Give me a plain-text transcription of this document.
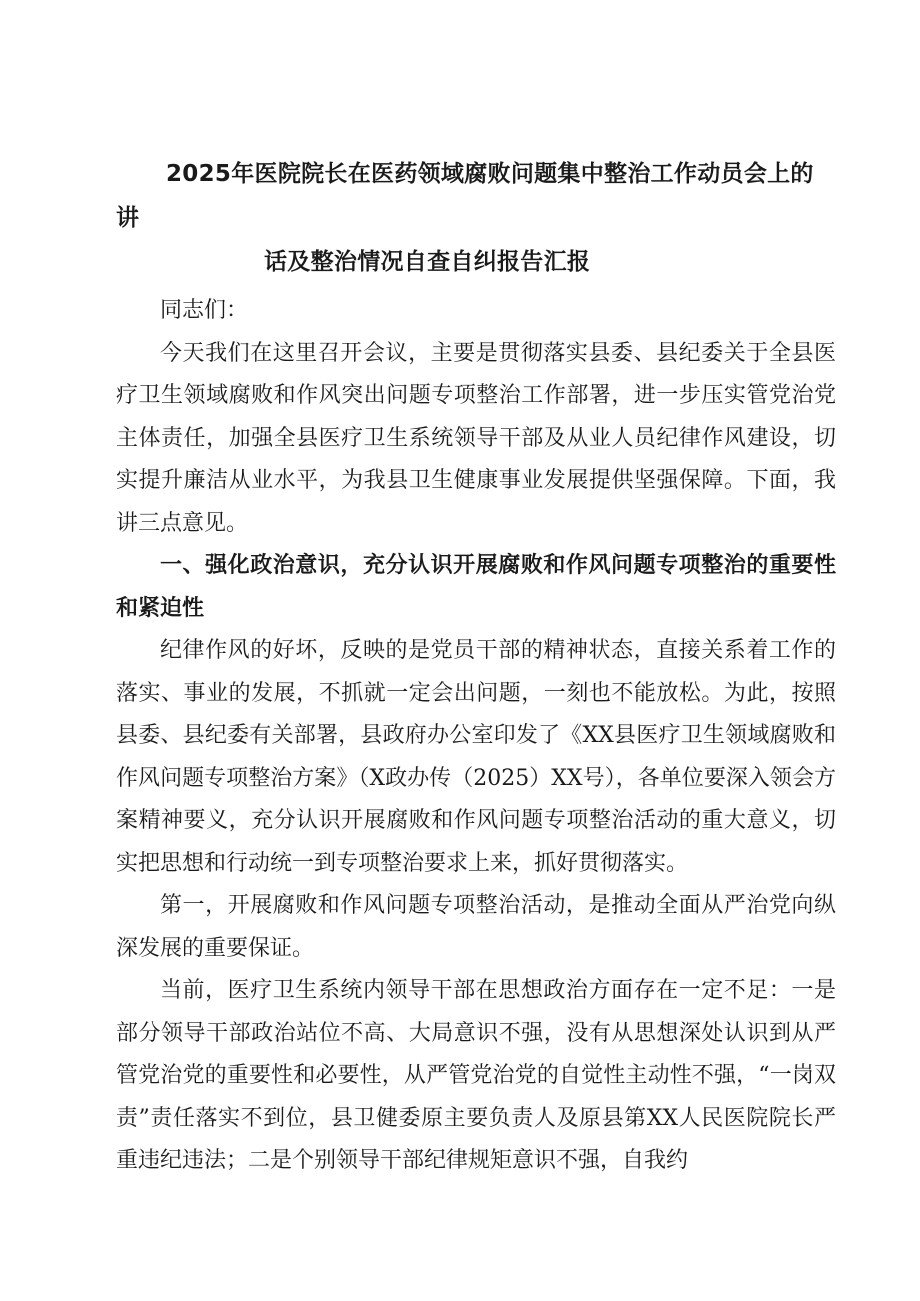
2025年医院院长在医药领域腐败问题集中整治工作动员会上的讲
话及整治情况自查自纠报告汇报

同志们：

今天我们在这里召开会议，主要是贯彻落实县委、县纪委关于全县医疗卫生领域腐败和作风突出问题专项整治工作部署，进一步压实管党治党主体责任，加强全县医疗卫生系统领导干部及从业人员纪律作风建设，切实提升廉洁从业水平，为我县卫生健康事业发展提供坚强保障。下面，我讲三点意见。

一、强化政治意识，充分认识开展腐败和作风问题专项整治的重要性和紧迫性

纪律作风的好坏，反映的是党员干部的精神状态，直接关系着工作的落实、事业的发展，不抓就一定会出问题，一刻也不能放松。为此，按照县委、县纪委有关部署，县政府办公室印发了《XX县医疗卫生领域腐败和作风问题专项整治方案》（X政办传（2025）XX号），各单位要深入领会方案精神要义，充分认识开展腐败和作风问题专项整治活动的重大意义，切实把思想和行动统一到专项整治要求上来，抓好贯彻落实。

第一，开展腐败和作风问题专项整治活动，是推动全面从严治党向纵深发展的重要保证。

当前，医疗卫生系统内领导干部在思想政治方面存在一定不足：一是部分领导干部政治站位不高、大局意识不强，没有从思想深处认识到从严管党治党的重要性和必要性，从严管党治党的自觉性主动性不强，“一岗双责”责任落实不到位，县卫健委原主要负责人及原县第XX人民医院院长严重违纪违法；二是个别领导干部纪律规矩意识不强，自我约
